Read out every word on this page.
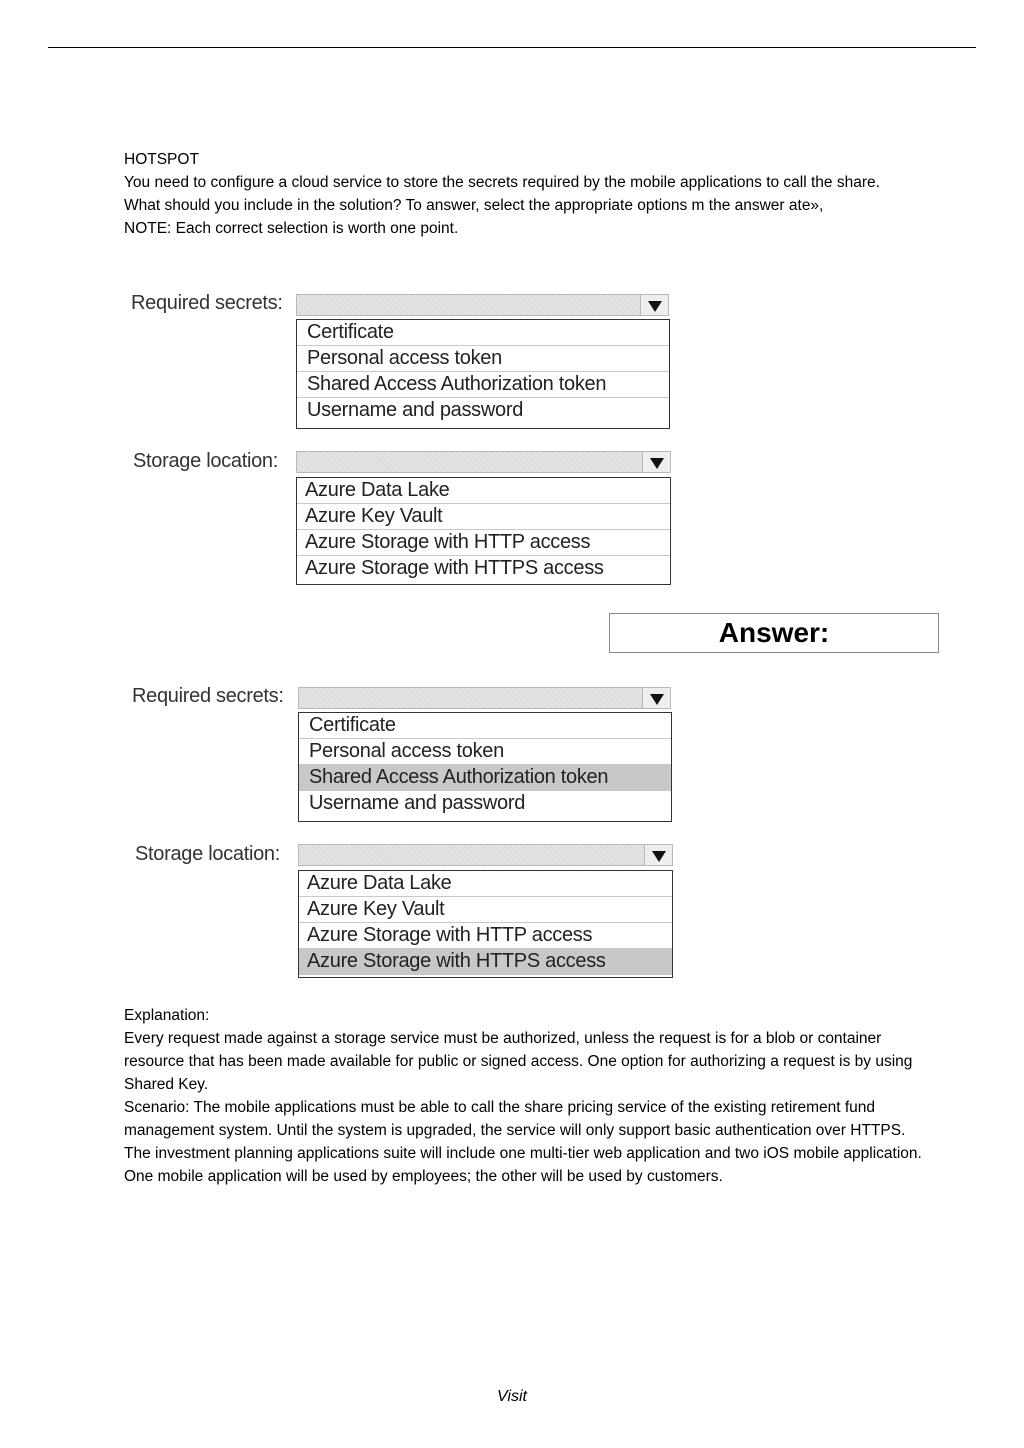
HOTSPOT

You need to configure a cloud service to store the secrets required by the mobile applications to call the share.

What should you include in the solution? To answer, select the appropriate options m the answer ate»,

NOTE: Each correct selection is worth one point.

Required secrets:
Certificate
Personal access token
Shared Access Authorization token
Username and password
Storage location:
Azure Data Lake
Azure Key Vault
Azure Storage with HTTP access
Azure Storage with HTTPS access
Answer:
Required secrets:
Certificate
Personal access token
Shared Access Authorization token
Username and password
Storage location:
Azure Data Lake
Azure Key Vault
Azure Storage with HTTP access
Azure Storage with HTTPS access

Explanation:

Every request made against a storage service must be authorized, unless the request is for a blob or container resource that has been made available for public or signed access. One option for authorizing a request is by using Shared Key.

Scenario: The mobile applications must be able to call the share pricing service of the existing retirement fund management system. Until the system is upgraded, the service will only support basic authentication over HTTPS.

The investment planning applications suite will include one multi-tier web application and two iOS mobile application. One mobile application will be used by employees; the other will be used by customers.

Visit
